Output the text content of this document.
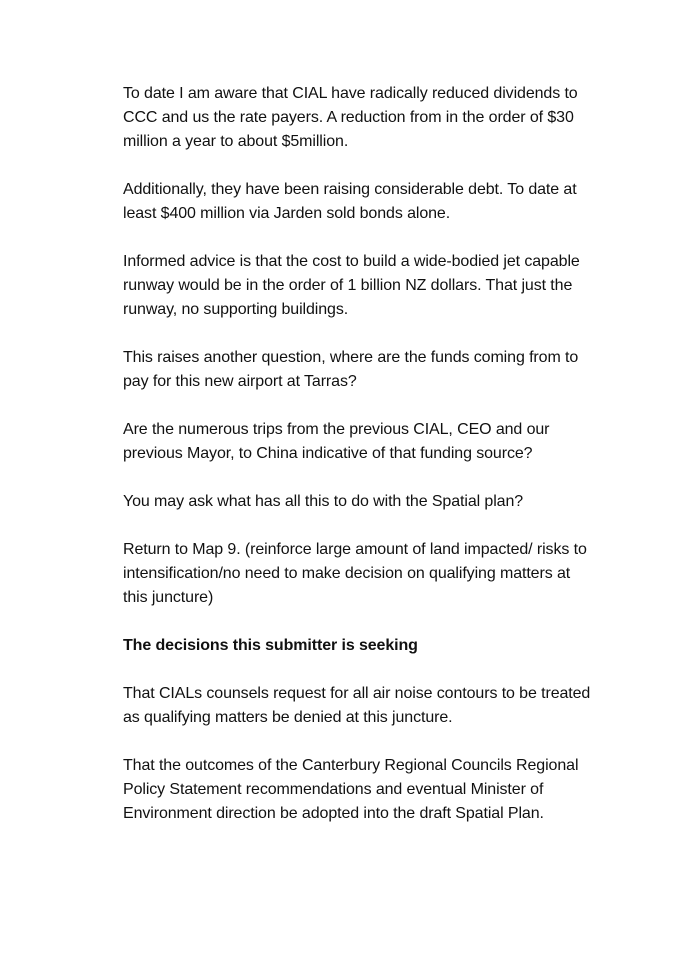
To date I am aware that CIAL have radically reduced dividends to CCC and us the rate payers. A reduction from in the order of $30 million a year to about $5million.

Additionally, they have been raising considerable debt. To date at least $400 million via Jarden sold bonds alone.

Informed advice is that the cost to build a wide-bodied jet capable runway would be in the order of 1 billion NZ dollars. That just the runway, no supporting buildings.

This raises another question, where are the funds coming from to pay for this new airport at Tarras?

Are the numerous trips from the previous CIAL, CEO and our previous Mayor, to China indicative of that funding source?

You may ask what has all this to do with the Spatial plan?

Return to Map 9. (reinforce large amount of land impacted/ risks to intensification/no need to make decision on qualifying matters at this juncture)

The decisions this submitter is seeking

That CIALs counsels request for all air noise contours to be treated as qualifying matters be denied at this juncture.

That the outcomes of the Canterbury Regional Councils Regional Policy Statement recommendations and eventual Minister of Environment direction be adopted into the draft Spatial Plan.
